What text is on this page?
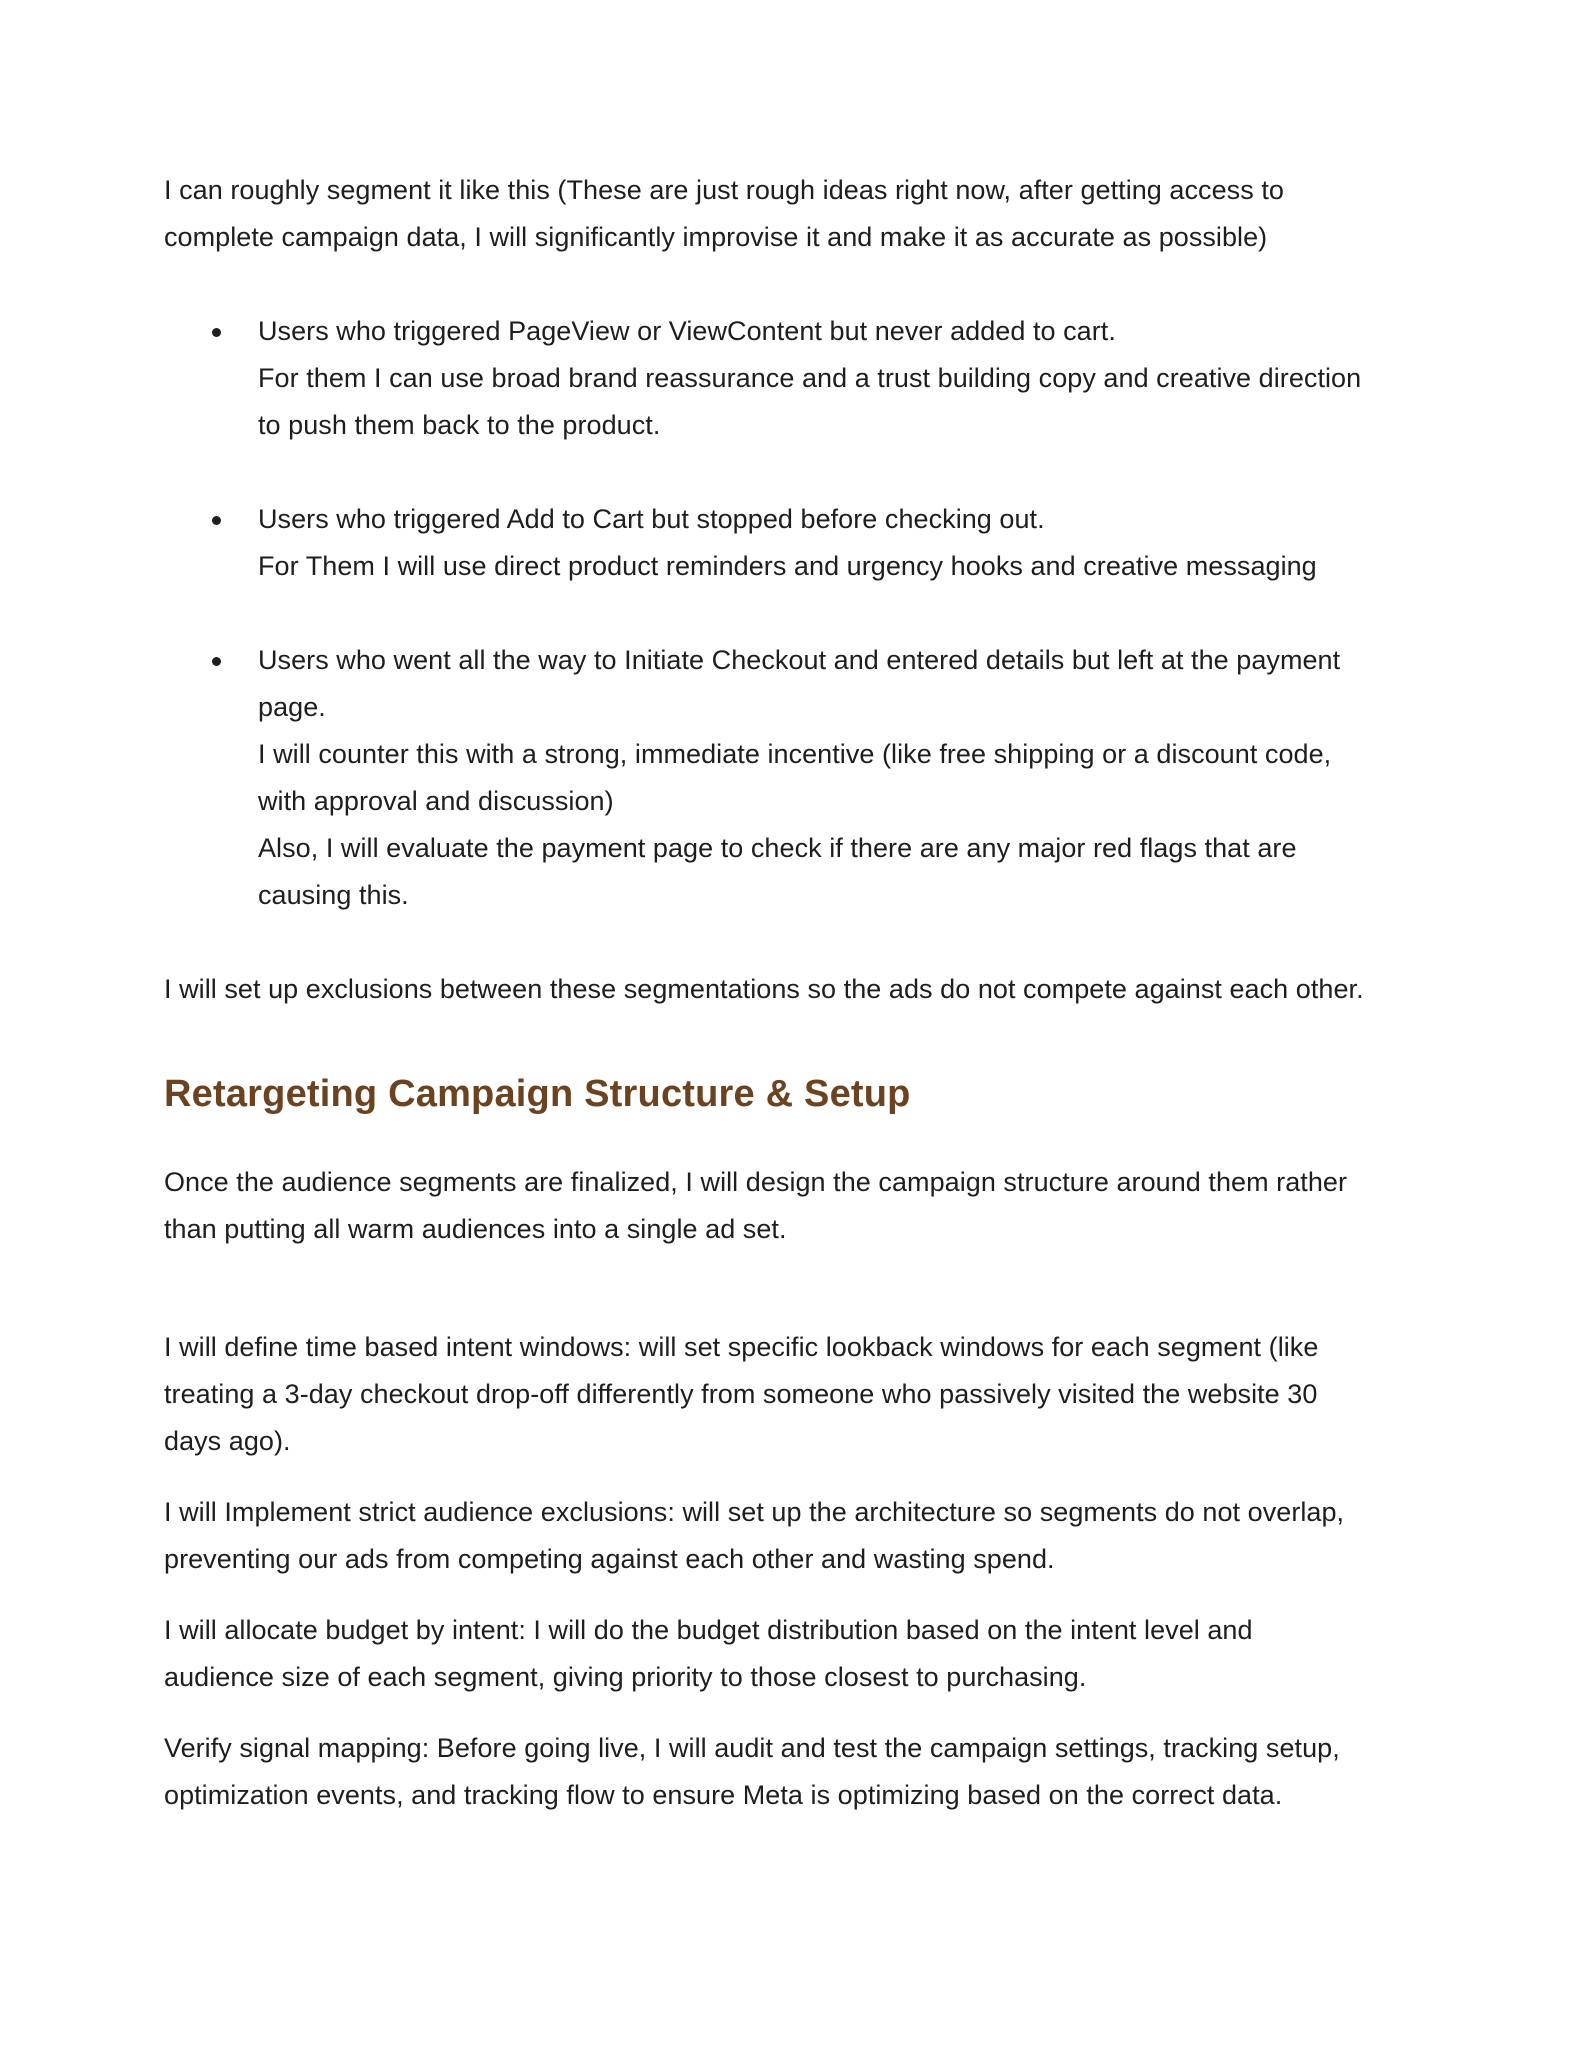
I can roughly segment it like this (These are just rough ideas right now, after getting access to
complete campaign data, I will significantly improvise it and make it as accurate as possible)

Users who triggered PageView or ViewContent but never added to cart.
For them I can use broad brand reassurance and a trust building copy and creative direction
to push them back to the product.
Users who triggered Add to Cart but stopped before checking out.
For Them I will use direct product reminders and urgency hooks and creative messaging
Users who went all the way to Initiate Checkout and entered details but left at the payment
page.
I will counter this with a strong, immediate incentive (like free shipping or a discount code,
with approval and discussion)
Also, I will evaluate the payment page to check if there are any major red flags that are
causing this.

I will set up exclusions between these segmentations so the ads do not compete against each other.

Retargeting Campaign Structure & Setup

Once the audience segments are finalized, I will design the campaign structure around them rather
than putting all warm audiences into a single ad set.

I will define time based intent windows: will set specific lookback windows for each segment (like
treating a 3-day checkout drop-off differently from someone who passively visited the website 30
days ago).

I will Implement strict audience exclusions: will set up the architecture so segments do not overlap,
preventing our ads from competing against each other and wasting spend.

I will allocate budget by intent: I will do the budget distribution based on the intent level and
audience size of each segment, giving priority to those closest to purchasing.

Verify signal mapping: Before going live, I will audit and test the campaign settings, tracking setup,
optimization events, and tracking flow to ensure Meta is optimizing based on the correct data.
